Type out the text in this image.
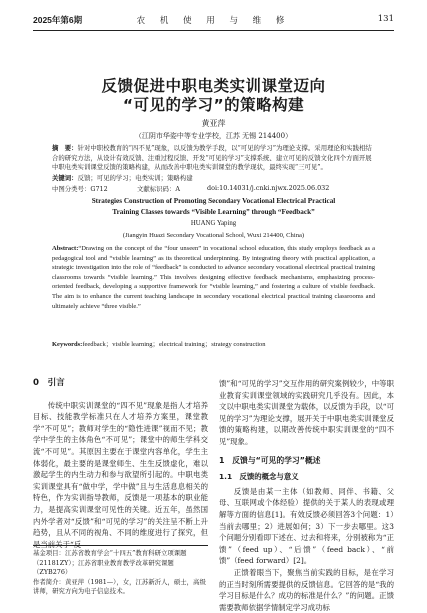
2025年第6期	农 机 使 用 与 维 修	131
反馈促进中职电类实训课堂迈向
“可见的学习”的策略构建
黄亚萍
（江阴市华姿中等专业学校，江苏 无锡 214400）
摘　要：针对中职校教育的“四不见”现象，以反馈为教学手段，以“可见的学习”为理论支撑。采用理论和实践相结合的研究方法，从设计有效反馈、注重过程反馈、开发“可见的学习”支撑系统、建立可见的反馈文化四个方面开展中职电类实训课堂反馈的策略构建，从而改善中职电类实训课堂的教学现状，最终实现“三可见”。
关键词：反馈；可见的学习；电类实训；策略构建
中图分类号：G712	文献标识码：A	doi:10.14031/j.cnki.njwx.2025.06.032
Strategies Construction of Promoting Secondary Vocational Electrical Practical
Training Classes towards “Visible Learning” through “Feedback”
HUANG Yaping
(Jiangyin Huazi Secondary Vocational School, Wuxi 214400, China)
Abstract:“Drawing on the concept of the “four unseen” in vocational school education, this study employs feedback as a pedagogical tool and “visible learning” as its theoretical underpinning. By integrating theory with practical application, a strategic investigation into the role of “feedback” is conducted to advance secondary vocational electrical practical training classrooms towards “visible learning.” This involves designing effective feedback mechanisms, emphasizing process-oriented feedback, developing a supportive framework for “visible learning,” and fostering a culture of visible feedback. The aim is to enhance the current teaching landscape in secondary vocational electrical practical training classrooms and ultimately achieve “three visible.”
Keywords:feedback；visible learning；electrical training；strategy construction
0　引言

传统中职实训课堂的“四不见”现象是指人才培养目标、技能教学标准只在人才培养方案里，课堂教学“不可见”；教师对学生的“隐性进课”视而不见；教学中学生的主体角色“不可见”；课堂中的师生学科交流“不可见”。其原因主要在于课堂内容单化，学生主体弱化，最主要的是课堂师生、生生反馈虚化，难以激起学生的内生动力和参与欲望所引起的。中职电类实训课堂具有“做中学，学中做”且与生活息息相关的特色，作为实训指导教师，反馈是一项基本的职业能力，是提高实训课堂可见性的关键。近五年，虽然国内外学者对“反馈”和“可见的学习”的关注呈不断上升趋势，且从不同的视角、不同的维度进行了探究，但是当前关于“反

馈”和“可见的学习”交互作用的研究案例较少，中等职业教育实训课堂领域的实践研究几乎没有。因此，本文以中职电类实训课堂为载体，以反馈为手段，以“可见的学习”为理论支撑，展开关于中职电类实训课堂反馈的策略构建，以期改善传统中职实训课堂的“四不见”现象。

1　反馈与“可见的学习”概述
1.1　反馈的概念与意义

反馈是由某一主体（如教师、同伴、书籍、父母、互联网或个体经验）提供的关于某人的表现或理解等方面的信息[1]。有效反馈必须回答3个问题：1）当前去哪里；2）进展如何；3）下一步去哪里。这3个问题分别看即下述在、过去和将来，分别被称为“正馈”（feed up）、“后馈”（feed back）、“前馈”（feed forward）[2]。

正馈着眼当下，聚焦当前实践的目标，是在学习的正当时刻所需要提供的反馈信息。它回答的是“我的学习目标是什么？成功的标准是什么？”的问题。正馈需要教师依据学情制定学习成功标

基金项目：江苏省教育学会“十四五”教育科研立项课题（21181ZY）；江苏省职业教育教学改革研究课题（ZYB276）
作者简介：黄亚萍（1981—），女，江苏新沂人，硕士，高级讲师，研究方向为电子信息技术。
